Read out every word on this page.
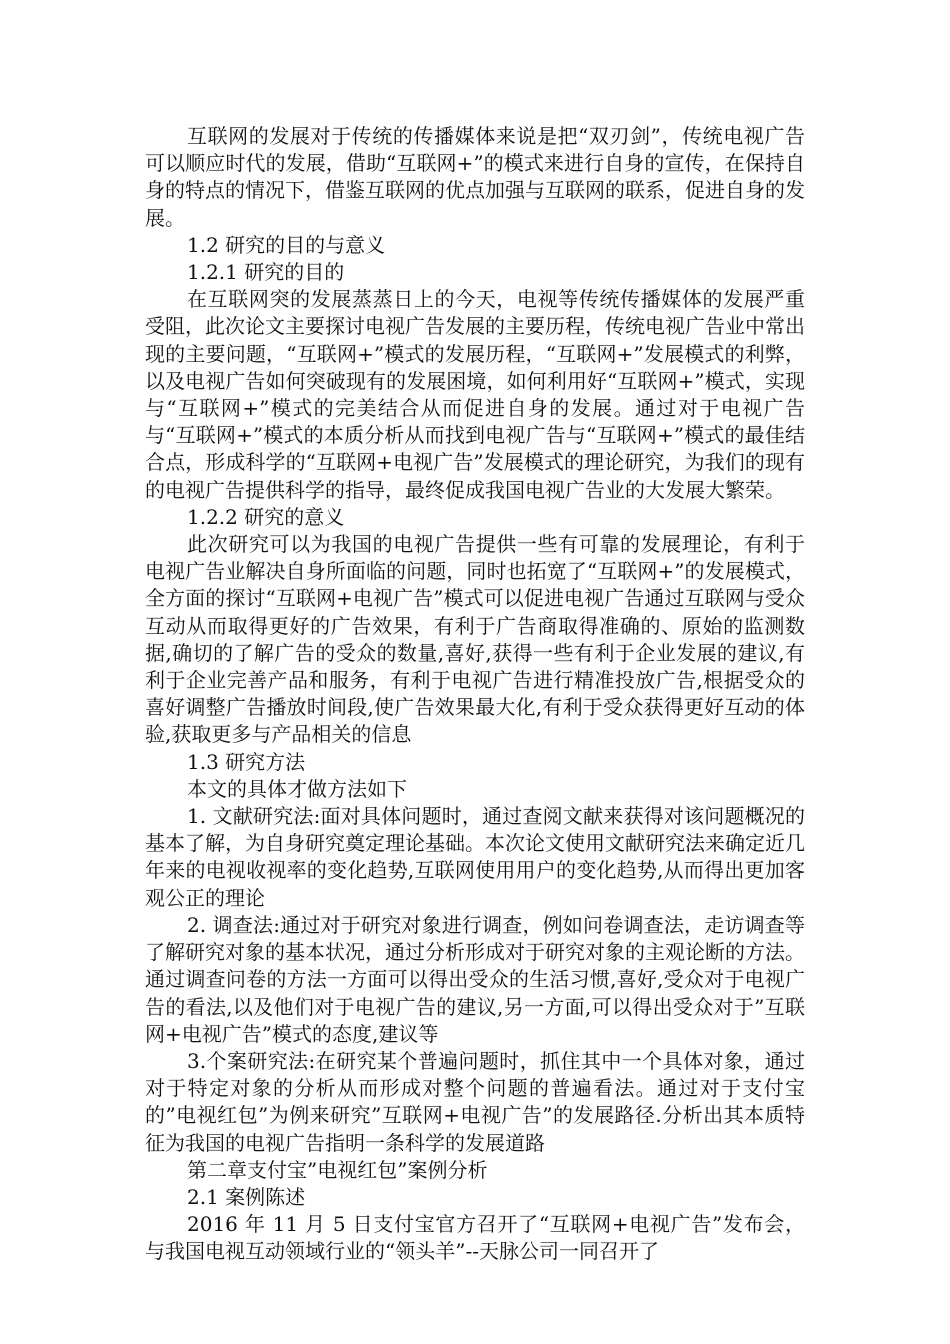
互联网的发展对于传统的传播媒体来说是把“双刃剑”，传统电视广告可以顺应时代的发展，借助“互联网+”的模式来进行自身的宣传，在保持自身的特点的情况下，借鉴互联网的优点加强与互联网的联系，促进自身的发展。

1.2 研究的目的与意义

1.2.1 研究的目的

在互联网突的发展蒸蒸日上的今天，电视等传统传播媒体的发展严重受阻，此次论文主要探讨电视广告发展的主要历程，传统电视广告业中常出现的主要问题，“互联网+”模式的发展历程，“互联网+”发展模式的利弊，以及电视广告如何突破现有的发展困境，如何利用好“互联网+”模式，实现与“互联网+”模式的完美结合从而促进自身的发展。通过对于电视广告与“互联网+”模式的本质分析从而找到电视广告与“互联网+”模式的最佳结合点，形成科学的“互联网+电视广告”发展模式的理论研究，为我们的现有的电视广告提供科学的指导，最终促成我国电视广告业的大发展大繁荣。

1.2.2 研究的意义

此次研究可以为我国的电视广告提供一些有可靠的发展理论，有利于电视广告业解决自身所面临的问题，同时也拓宽了“互联网+”的发展模式，全方面的探讨“互联网+电视广告”模式可以促进电视广告通过互联网与受众互动从而取得更好的广告效果，有利于广告商取得准确的、原始的监测数据,确切的了解广告的受众的数量,喜好,获得一些有利于企业发展的建议,有利于企业完善产品和服务，有利于电视广告进行精准投放广告,根据受众的喜好调整广告播放时间段,使广告效果最大化,有利于受众获得更好互动的体验,获取更多与产品相关的信息

1.3 研究方法

本文的具体才做方法如下

1. 文献研究法:面对具体问题时，通过查阅文献来获得对该问题概况的基本了解，为自身研究奠定理论基础。本次论文使用文献研究法来确定近几年来的电视收视率的变化趋势,互联网使用用户的变化趋势,从而得出更加客观公正的理论

2. 调查法:通过对于研究对象进行调查，例如问卷调查法，走访调查等了解研究对象的基本状况，通过分析形成对于研究对象的主观论断的方法。通过调查问卷的方法一方面可以得出受众的生活习惯,喜好,受众对于电视广告的看法,以及他们对于电视广告的建议,另一方面,可以得出受众对于”互联网+电视广告”模式的态度,建议等

3.个案研究法:在研究某个普遍问题时，抓住其中一个具体对象，通过对于特定对象的分析从而形成对整个问题的普遍看法。通过对于支付宝的”电视红包”为例来研究”互联网+电视广告”的发展路径.分析出其本质特征为我国的电视广告指明一条科学的发展道路

第二章支付宝”电视红包”案例分析

2.1 案例陈述

2016 年 11 月 5 日支付宝官方召开了“互联网+电视广告”发布会，与我国电视互动领域行业的“领头羊”--天脉公司一同召开了
